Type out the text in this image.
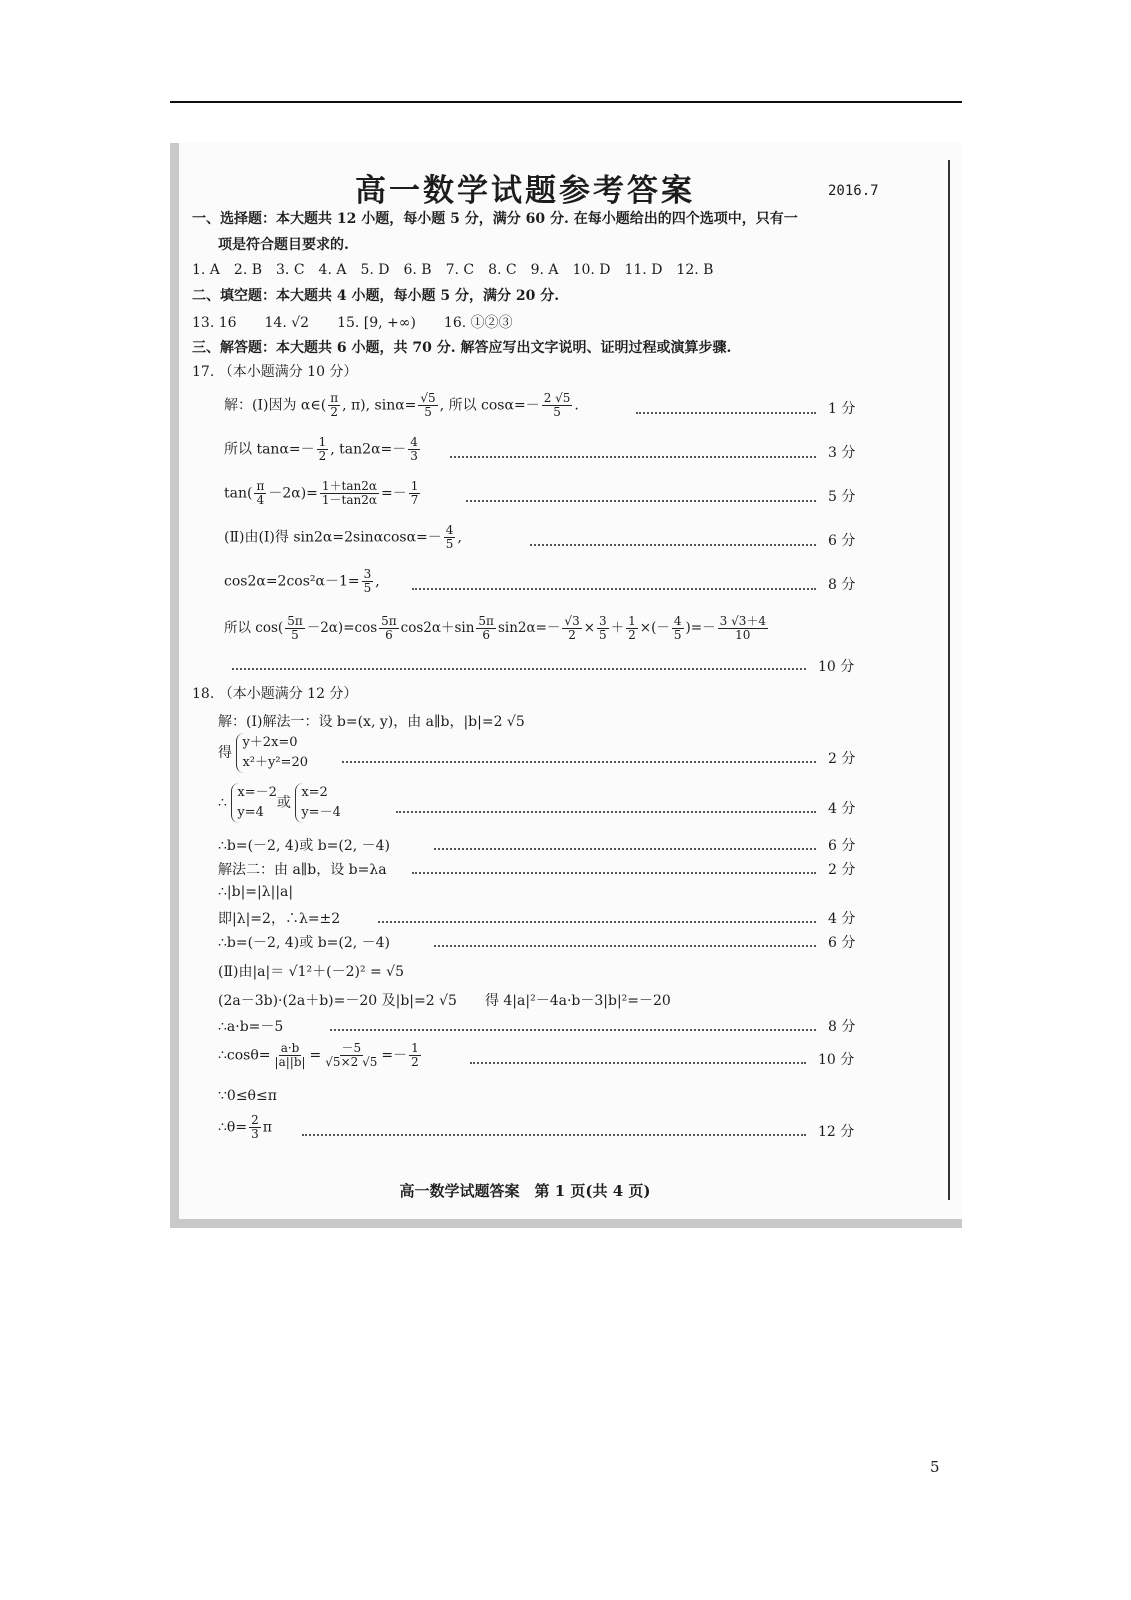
高一数学试题参考答案	2016.7
一、选择题：本大题共 12 小题，每小题 5 分，满分 60 分. 在每小题给出的四个选项中，只有一
项是符合题目要求的.
1. A　2. B　3. C　4. A　5. D　6. B　7. C　8. C　9. A　10. D　11. D　12. B
二、填空题：本大题共 4 小题，每小题 5 分，满分 20 分.
13. 16　　14. √2　　15. [9, +∞)　　16. ①②③
三、解答题：本大题共 6 小题，共 70 分. 解答应写出文字说明、证明过程或演算步骤.
17. （本小题满分 10 分）
解：(Ⅰ)因为 α∈( $\frac{\pi}{2}$ , π), $\sin\alpha= \frac{√5}{5}$ , 所以 $\cos\alpha=- \frac{2 √5}{5}$ .	1 分
所以 $\tan\alpha=- \frac{1}{2}$ , $\tan 2\alpha=- \frac{4}{3}$	3 分
$\tan( \frac{\pi}{4} -2\alpha)= \frac{1+\tan 2\alpha}{1-\tan 2\alpha} =- \frac{1}{7}$	5 分
(Ⅱ)由(Ⅰ)得 $\sin 2\alpha=2\sin\alpha\cos\alpha=- \frac{4}{5}$ ,	6 分
$\cos 2\alpha=2\cos^2\alpha-1= \frac{3}{5}$ ,	8 分
所以 $\cos( \frac{5\pi}{5} -2\alpha)=\cos \frac{5\pi}{6} \cos 2\alpha+\sin \frac{5\pi}{6} \sin 2\alpha=- \frac{√3}{2} \times \frac{3}{5} + \frac{1}{2}$ ×(－ $\frac{4}{5}$ )=－ $\frac{3 √3+4}{10}$
10 分
18. （本小题满分 12 分）
解：(Ⅰ)解法一：设 b=(x, y)，由 a∥b，|b|=2 √5
得
y＋2x=0
x²＋y²=20	2 分
∴
x=－2
y=4
或
x=2
y=－4	4 分
∴b=(－2, 4)或 b=(2, －4)	6 分
解法二：由 a∥b，设 b=λa	2 分
∴|b|=|λ||a|
即|λ|=2，∴λ=±2	4 分
∴b=(－2, 4)或 b=(2, －4)	6 分
(Ⅱ)由|a|＝ √1²＋(－2)² = √5
(2a－3b)·(2a＋b)=－20 及|b|=2 √5　　得 4|a|²－4a·b－3|b|²=－20
∴a·b=－5	8 分
∴cosθ= $\frac{a\cdot b}{|a||b|} = \frac{-5}{√5\times 2 √5} =- \frac{1}{2}$	10 分
∵0≤θ≤π
∴θ= $\frac{2}{3}$ π	12 分
高一数学试题答案　第 1 页(共 4 页)
5
